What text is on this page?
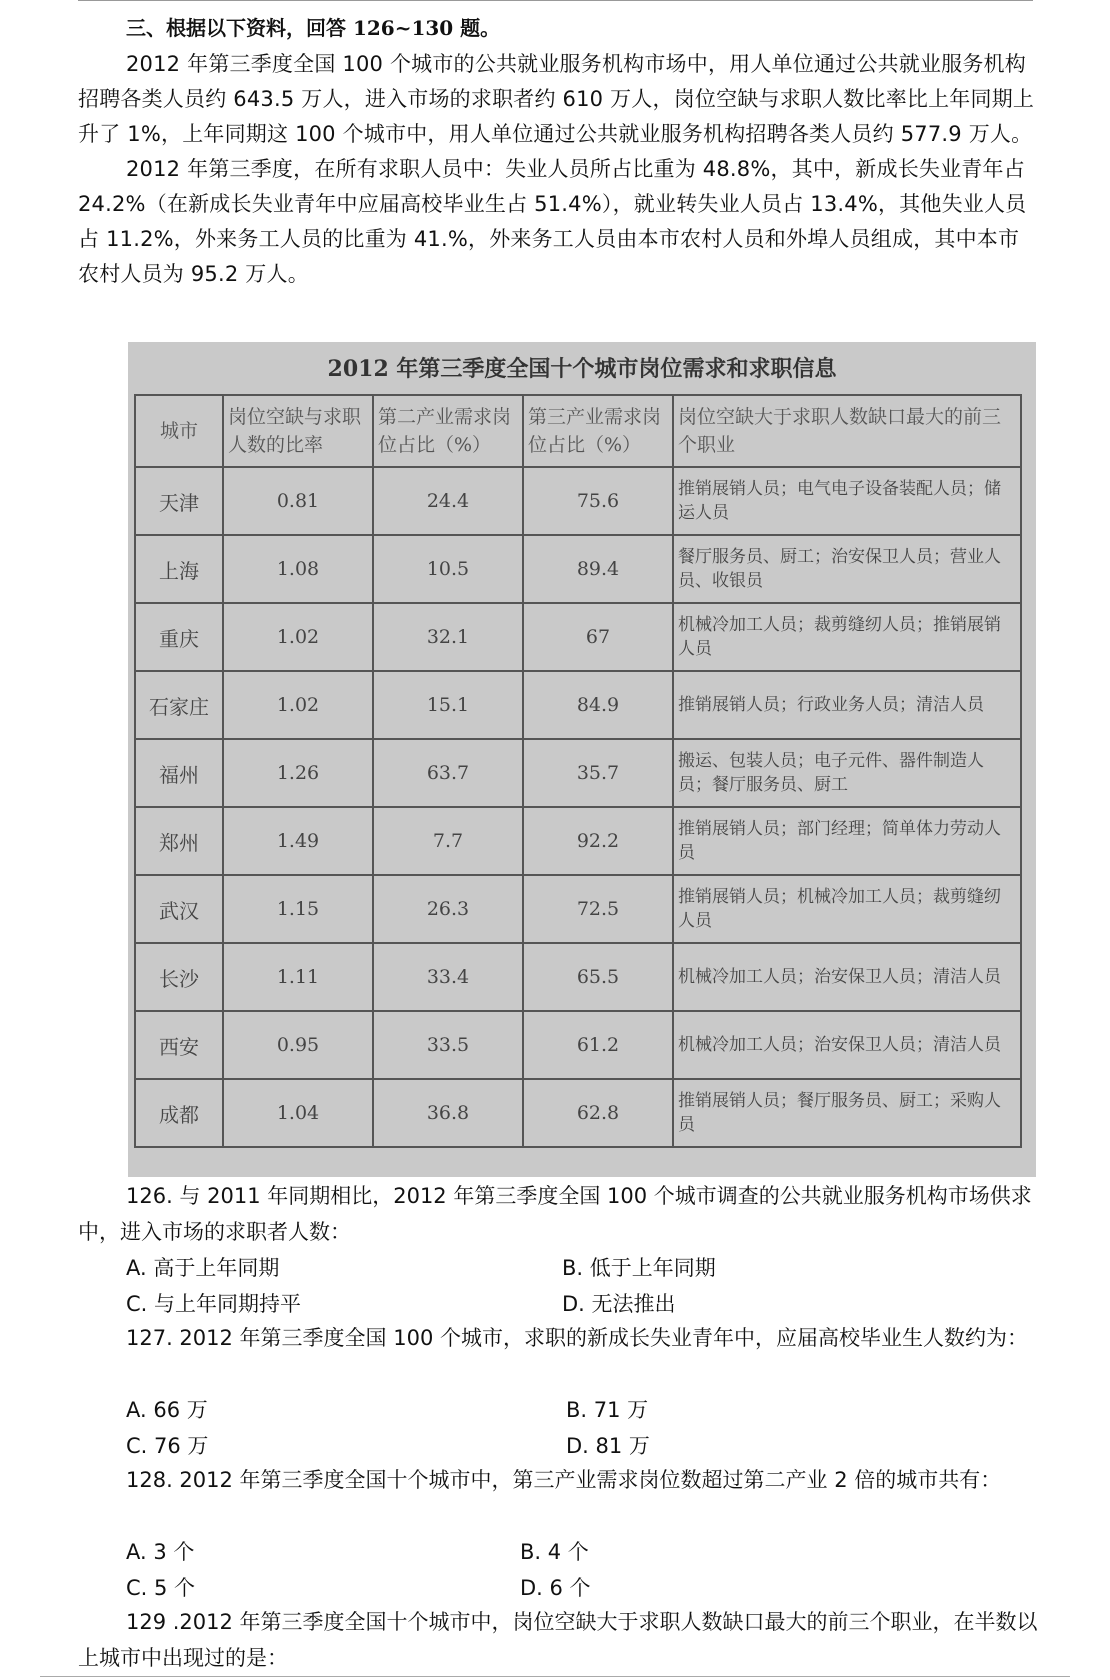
三、根据以下资料，回答 126~130 题。

2012 年第三季度全国 100 个城市的公共就业服务机构市场中，用人单位通过公共就业服务机构招聘各类人员约 643.5 万人，进入市场的求职者约 610 万人，岗位空缺与求职人数比率比上年同期上升了 1%，上年同期这 100 个城市中，用人单位通过公共就业服务机构招聘各类人员约 577.9 万人。

2012 年第三季度，在所有求职人员中：失业人员所占比重为 48.8%，其中，新成长失业青年占 24.2%（在新成长失业青年中应届高校毕业生占 51.4%），就业转失业人员占 13.4%，其他失业人员占 11.2%，外来务工人员的比重为 41.%，外来务工人员由本市农村人员和外埠人员组成，其中本市农村人员为 95.2 万人。

2012 年第三季度全国十个城市岗位需求和求职信息
城市	岗位空缺与求职人数的比率	第二产业需求岗位占比（%）	第三产业需求岗位占比（%）	岗位空缺大于求职人数缺口最大的前三个职业
天津	0.81	24.4	75.6	推销展销人员；电气电子设备装配人员；储运人员
上海	1.08	10.5	89.4	餐厅服务员、厨工；治安保卫人员；营业人员、收银员
重庆	1.02	32.1	67	机械冷加工人员；裁剪缝纫人员；推销展销人员
石家庄	1.02	15.1	84.9	推销展销人员；行政业务人员；清洁人员
福州	1.26	63.7	35.7	搬运、包装人员；电子元件、器件制造人员；餐厅服务员、厨工
郑州	1.49	7.7	92.2	推销展销人员；部门经理；简单体力劳动人员
武汉	1.15	26.3	72.5	推销展销人员；机械冷加工人员；裁剪缝纫人员
长沙	1.11	33.4	65.5	机械冷加工人员；治安保卫人员；清洁人员
西安	0.95	33.5	61.2	机械冷加工人员；治安保卫人员；清洁人员
成都	1.04	36.8	62.8	推销展销人员；餐厅服务员、厨工；采购人员

126. 与 2011 年同期相比，2012 年第三季度全国 100 个城市调查的公共就业服务机构市场供求中，进入市场的求职者人数：

A. 高于上年同期	B. 低于上年同期
C. 与上年同期持平	D. 无法推出

127. 2012 年第三季度全国 100 个城市，求职的新成长失业青年中，应届高校毕业生人数约为：

A. 66 万	B. 71 万
C. 76 万	D. 81 万

128. 2012 年第三季度全国十个城市中，第三产业需求岗位数超过第二产业 2 倍的城市共有：

A. 3 个	B. 4 个
C. 5 个	D. 6 个

129 .2012 年第三季度全国十个城市中，岗位空缺大于求职人数缺口最大的前三个职业，在半数以上城市中出现过的是：
